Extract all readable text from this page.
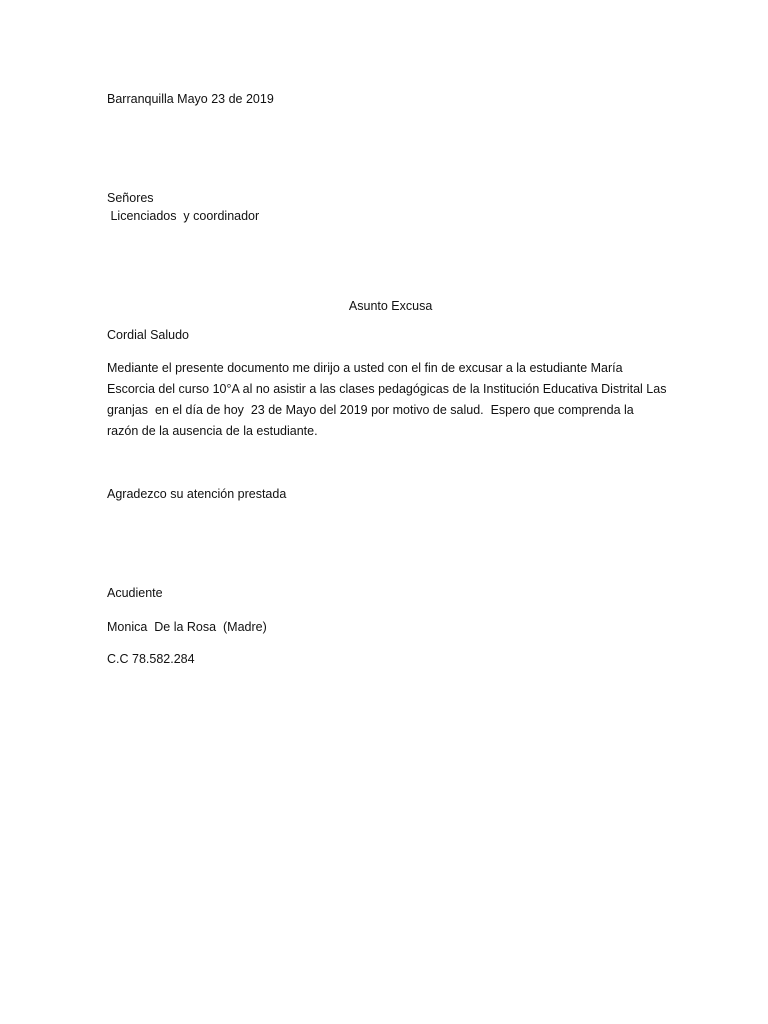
Barranquilla Mayo 23 de 2019
Señores
Licenciados  y coordinador

Asunto Excusa

Cordial Saludo
Mediante el presente documento me dirijo a usted con el fin de excusar a la estudiante María
Escorcia del curso 10°A al no asistir a las clases pedagógicas de la Institución Educativa Distrital Las
granjas  en el día de hoy  23 de Mayo del 2019 por motivo de salud.  Espero que comprenda la
razón de la ausencia de la estudiante.
Agradezco su atención prestada
Acudiente
Monica  De la Rosa  (Madre)
C.C 78.582.284
